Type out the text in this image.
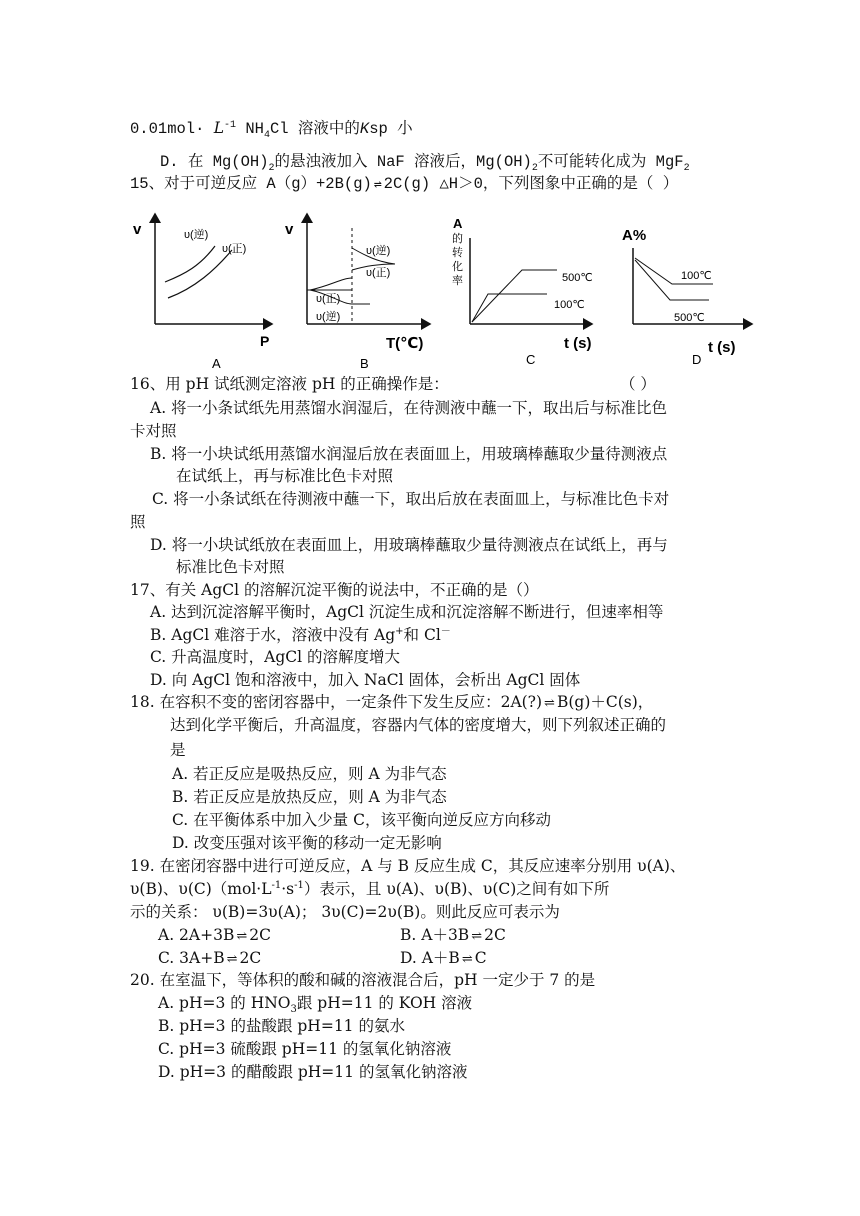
$0.01mol\cdot L^{-1}$ $NH_4Cl$ 溶液中的Ksp 小
D. 在 $Mg(OH)_2$的悬浊液加入 NaF 溶液后，$Mg(OH)_2$不可能转化成为 MgF$_2$
15、对于可逆反应 A（g）+2B(g) ⇌ 2C(g) △H＞0，下列图象中正确的是（ ）
v
P
υ(逆)
υ(正)
A
v
T(℃)
υ(逆)
υ(正)
υ(正)
υ(逆)
B
A
的
转
化
率	500℃
100℃
t (s)
C
A%
100℃
500℃
t (s)
D
16、用 pH 试纸测定溶液 pH 的正确操作是：	（ ）
A. 将一小条试纸先用蒸馏水润湿后，在待测液中蘸一下，取出后与标准比色
卡对照
B. 将一小块试纸用蒸馏水润湿后放在表面皿上，用玻璃棒蘸取少量待测液点
在试纸上，再与标准比色卡对照
C. 将一小条试纸在待测液中蘸一下，取出后放在表面皿上，与标准比色卡对
照
D. 将一小块试纸放在表面皿上，用玻璃棒蘸取少量待测液点在试纸上，再与
标准比色卡对照
17、有关 AgCl 的溶解沉淀平衡的说法中，不正确的是（）
A. 达到沉淀溶解平衡时，AgCl 沉淀生成和沉淀溶解不断进行，但速率相等
B. AgCl 难溶于水，溶液中没有 Ag+和 Cl－
C. 升高温度时，AgCl 的溶解度增大
D. 向 AgCl 饱和溶液中，加入 NaCl 固体，会析出 AgCl 固体
18. 在容积不变的密闭容器中，一定条件下发生反应：2A(?) ⇌ B(g)＋C(s)，
达到化学平衡后，升高温度，容器内气体的密度增大，则下列叙述正确的
是
A. 若正反应是吸热反应，则 A 为非气态
B. 若正反应是放热反应，则 A 为非气态
C. 在平衡体系中加入少量 C，该平衡向逆反应方向移动
D. 改变压强对该平衡的移动一定无影响
19. 在密闭容器中进行可逆反应，A 与 B 反应生成 C，其反应速率分别用 υ(A)、
υ(B)、$\upsilon(C)(mol\cdot L^{-1}\cdot s^{-1})$表示，且 υ(A)、υ(B)、υ(C)之间有如下所
示的关系： υ(B)=3υ(A)； 3υ(C)=2υ(B)。则此反应可表示为
A. 2A+3B ⇌ 2C	B. A＋3B ⇌ 2C
C. 3A+B ⇌ 2C	D. A＋B ⇌ C
20. 在室温下，等体积的酸和碱的溶液混合后，pH 一定少于 7 的是
A. pH=3 的 $HNO_3$跟 pH=11 的 KOH 溶液
B. pH=3 的盐酸跟 pH=11 的氨水
C. pH=3 硫酸跟 pH=11 的氢氧化钠溶液
D. pH=3 的醋酸跟 pH=11 的氢氧化钠溶液
